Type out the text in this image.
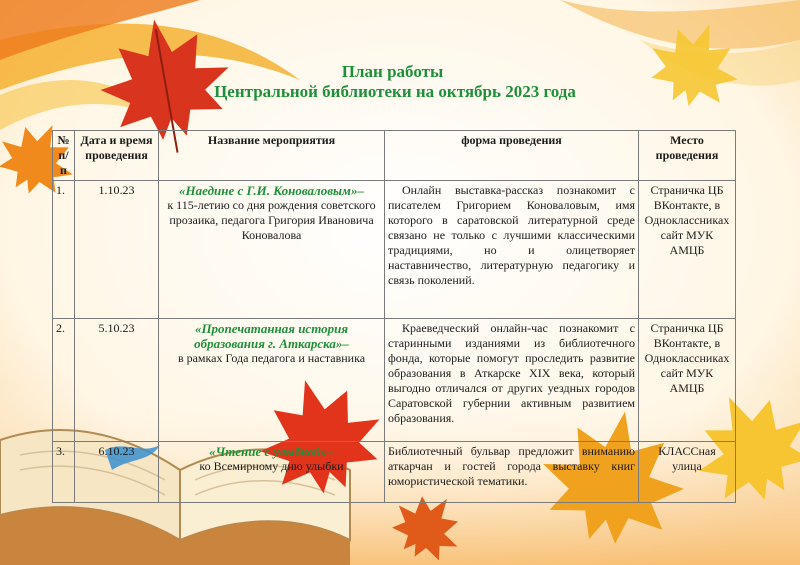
План работы
Центральной библиотеки на октябрь 2023 года
№ п/п	Дата и время проведения	Название мероприятия	форма проведения	Место проведения
1.	1.10.23	«Наедине с Г.И. Коноваловым»–
к 115-летию со дня рождения советского прозаика, педагога Григория Ивановича Коновалова	Онлайн выставка-рассказ познакомит с писателем Григорием Коноваловым, имя которого в саратовской литературной среде связано не только с лучшими классическими традициями, но и олицетворяет наставничество, литературную педагогику и связь поколений.	Страничка ЦБ ВКонтакте, в Одноклассниках сайт МУК АМЦБ
2.	5.10.23	«Пропечатанная история образования г. Аткарска»–
в рамках Года педагога и наставника	Краеведческий онлайн-час познакомит с старинными изданиями из библиотечного фонда, которые помогут проследить развитие образования в Аткарске XIX века, который выгодно отличался от других уездных городов Саратовской губернии активным развитием образования.	Страничка ЦБ ВКонтакте, в Одноклассниках сайт МУК АМЦБ
3.	6.10.23	«Чтение с улыбкой»–
ко Всемирному дню улыбки	Библиотечный бульвар предложит вниманию аткарчан и гостей города выставку книг юмористической тематики.	КЛАССная улица
